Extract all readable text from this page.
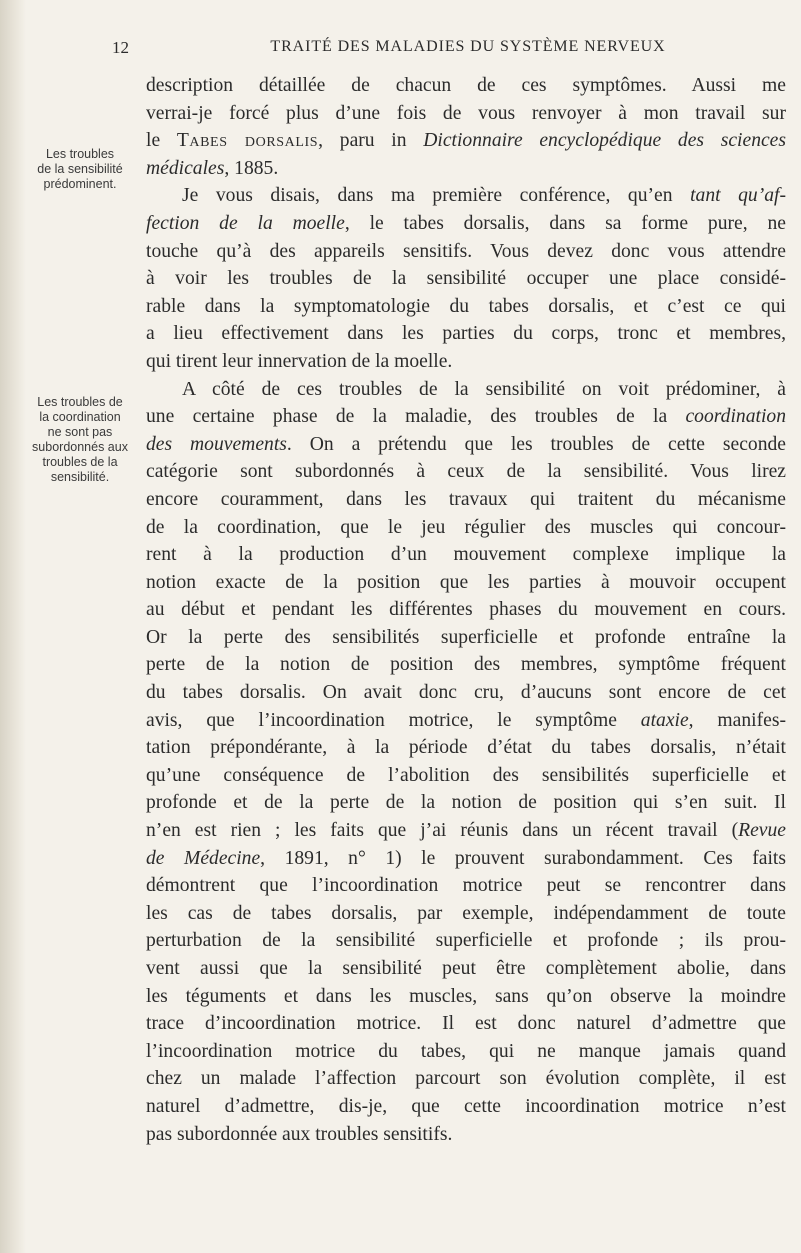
12	TRAITÉ DES MALADIES DU SYSTÈME NERVEUX
Les troubles
de la sensibilité
prédominent.
Les troubles de
la coordination
ne sont pas
subordonnés aux
troubles de la
sensibilité.
description détaillée de chacun de ces symptômes. Aussi me
verrai-je forcé plus d’une fois de vous renvoyer à mon travail sur
le Tabes dorsalis, paru in Dictionnaire encyclopédique des sciences
médicales, 1885.
Je vous disais, dans ma première conférence, qu’en tant qu’af-
fection de la moelle, le tabes dorsalis, dans sa forme pure, ne
touche qu’à des appareils sensitifs. Vous devez donc vous attendre
à voir les troubles de la sensibilité occuper une place considé-
rable dans la symptomatologie du tabes dorsalis, et c’est ce qui
a lieu effectivement dans les parties du corps, tronc et membres,
qui tirent leur innervation de la moelle.
A côté de ces troubles de la sensibilité on voit prédominer, à
une certaine phase de la maladie, des troubles de la coordination
des mouvements. On a prétendu que les troubles de cette seconde
catégorie sont subordonnés à ceux de la sensibilité. Vous lirez
encore couramment, dans les travaux qui traitent du mécanisme
de la coordination, que le jeu régulier des muscles qui concour-
rent à la production d’un mouvement complexe implique la
notion exacte de la position que les parties à mouvoir occupent
au début et pendant les différentes phases du mouvement en cours.
Or la perte des sensibilités superficielle et profonde entraîne la
perte de la notion de position des membres, symptôme fréquent
du tabes dorsalis. On avait donc cru, d’aucuns sont encore de cet
avis, que l’incoordination motrice, le symptôme ataxie, manifes-
tation prépondérante, à la période d’état du tabes dorsalis, n’était
qu’une conséquence de l’abolition des sensibilités superficielle et
profonde et de la perte de la notion de position qui s’en suit. Il
n’en est rien ; les faits que j’ai réunis dans un récent travail (Revue
de Médecine, 1891, n° 1) le prouvent surabondamment. Ces faits
démontrent que l’incoordination motrice peut se rencontrer dans
les cas de tabes dorsalis, par exemple, indépendamment de toute
perturbation de la sensibilité superficielle et profonde ; ils prou-
vent aussi que la sensibilité peut être complètement abolie, dans
les téguments et dans les muscles, sans qu’on observe la moindre
trace d’incoordination motrice. Il est donc naturel d’admettre que
l’incoordination motrice du tabes, qui ne manque jamais quand
chez un malade l’affection parcourt son évolution complète, il est
naturel d’admettre, dis-je, que cette incoordination motrice n’est
pas subordonnée aux troubles sensitifs.
